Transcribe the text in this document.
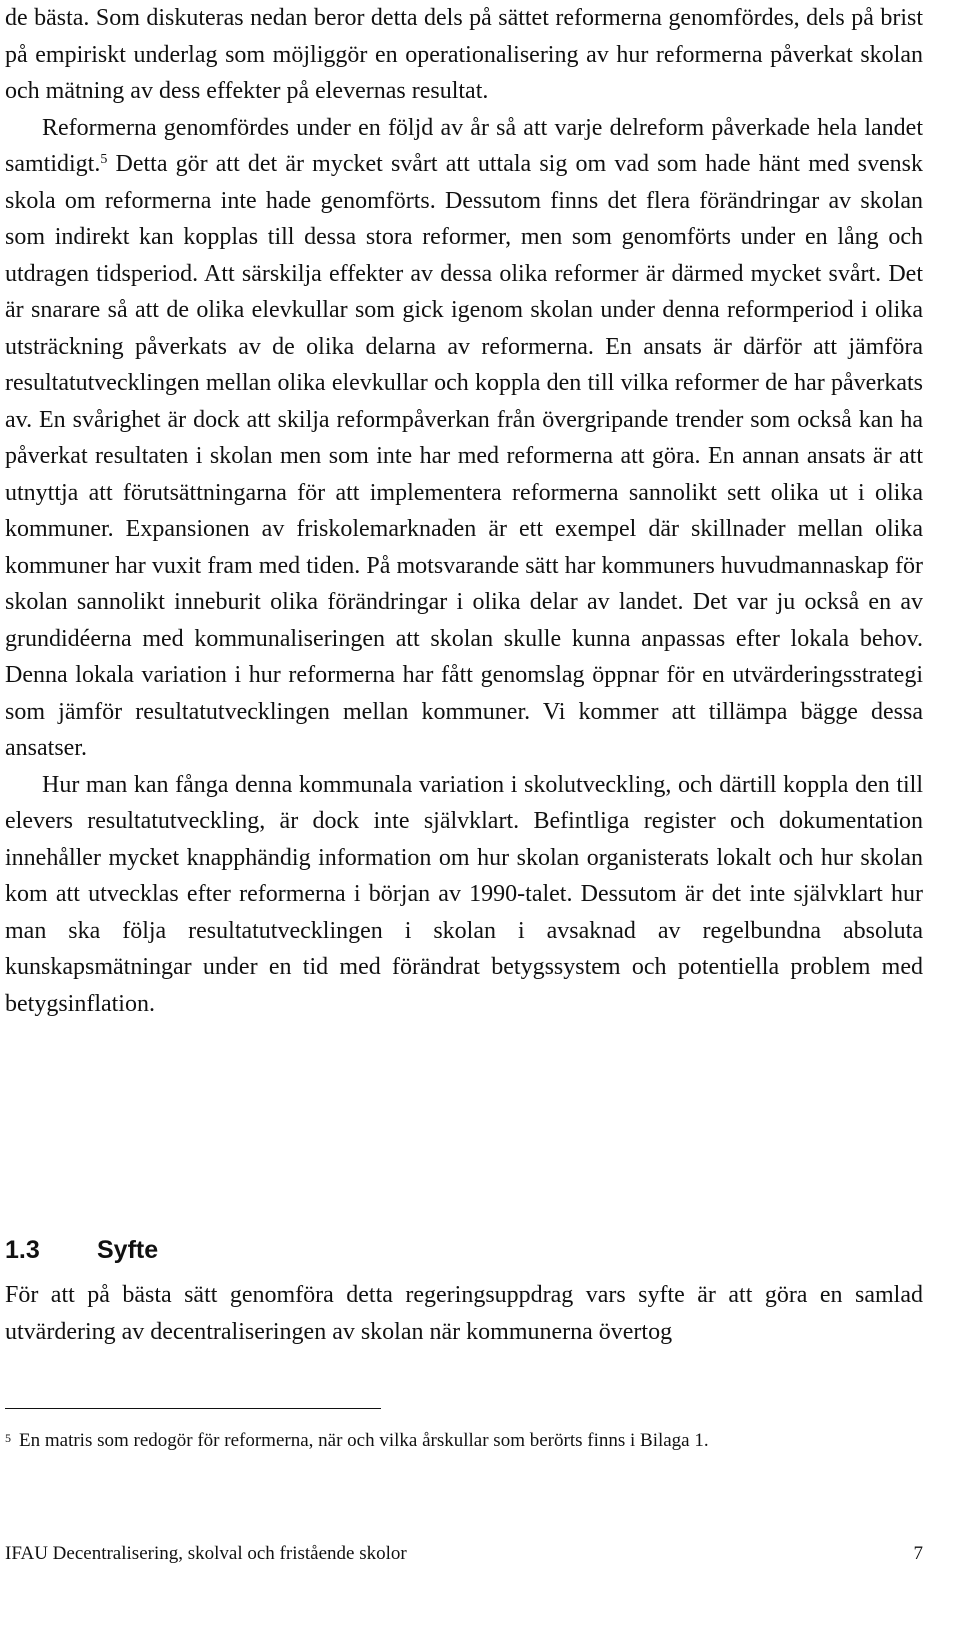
de bästa. Som diskuteras nedan beror detta dels på sättet reformerna genomfördes, dels på brist på empiriskt underlag som möjliggör en operationalisering av hur reformerna påverkat skolan och mätning av dess effekter på elevernas resultat.

Reformerna genomfördes under en följd av år så att varje delreform påverkade hela landet samtidigt.$^5$ Detta gör att det är mycket svårt att uttala sig om vad som hade hänt med svensk skola om reformerna inte hade genomförts. Dessutom finns det flera förändringar av skolan som indirekt kan kopplas till dessa stora reformer, men som genomförts under en lång och utdragen tidsperiod. Att särskilja effekter av dessa olika reformer är därmed mycket svårt. Det är snarare så att de olika elevkullar som gick igenom skolan under denna reformperiod i olika utsträckning påverkats av de olika delarna av reformerna. En ansats är därför att jämföra resultatutvecklingen mellan olika elevkullar och koppla den till vilka reformer de har påverkats av. En svårighet är dock att skilja reformpåverkan från övergripande trender som också kan ha påverkat resultaten i skolan men som inte har med reformerna att göra. En annan ansats är att utnyttja att förutsättningarna för att implementera reformerna sannolikt sett olika ut i olika kommuner. Expansionen av friskolemarknaden är ett exempel där skillnader mellan olika kommuner har vuxit fram med tiden. På motsvarande sätt har kommuners huvudmannaskap för skolan sannolikt inneburit olika förändringar i olika delar av landet. Det var ju också en av grundidéerna med kommunaliseringen att skolan skulle kunna anpassas efter lokala behov. Denna lokala variation i hur reformerna har fått genomslag öppnar för en utvärderingsstrategi som jämför resultatutvecklingen mellan kommuner. Vi kommer att tillämpa bägge dessa ansatser.

Hur man kan fånga denna kommunala variation i skolutveckling, och därtill koppla den till elevers resultatutveckling, är dock inte självklart. Befintliga register och dokumentation innehåller mycket knapphändig information om hur skolan organisterats lokalt och hur skolan kom att utvecklas efter reformerna i början av 1990-talet. Dessutom är det inte självklart hur man ska följa resultatutvecklingen i skolan i avsaknad av regelbundna absoluta kunskapsmätningar under en tid med förändrat betygssystem och potentiella problem med betygsinflation.

1.3 Syfte

För att på bästa sätt genomföra detta regeringsuppdrag vars syfte är att göra en samlad utvärdering av decentraliseringen av skolan när kommunerna övertog

$^5$ En matris som redogör för reformerna, när och vilka årskullar som berörts finns i Bilaga 1.
IFAU Decentralisering, skolval och fristående skolor	7
